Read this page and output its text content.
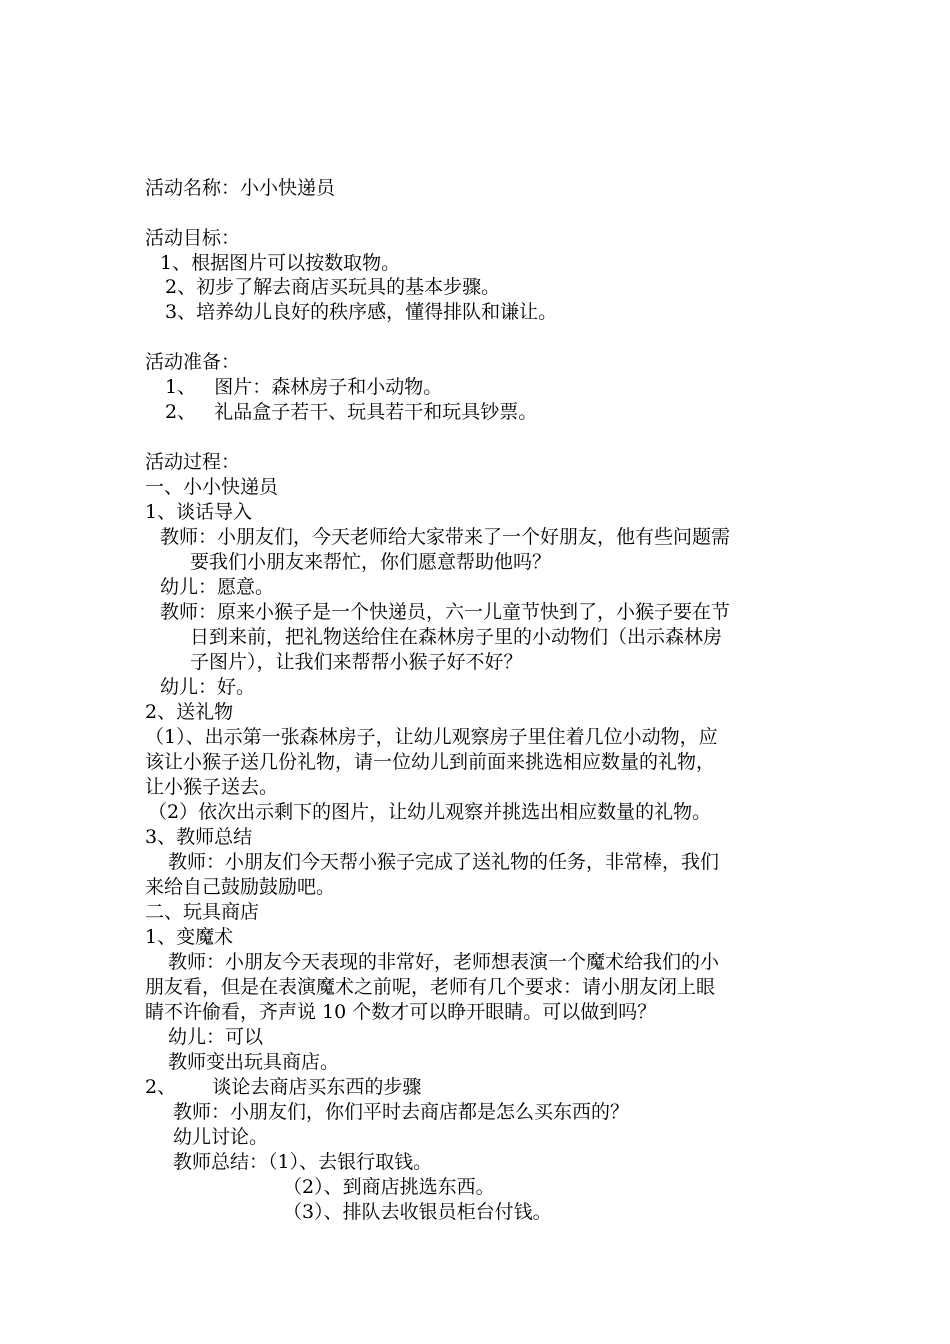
活动名称：小小快递员
活动目标：
1、根据图片可以按数取物。
2、初步了解去商店买玩具的基本步骤。
3、培养幼儿良好的秩序感，懂得排队和谦让。
活动准备：
1、   图片：森林房子和小动物。
2、   礼品盒子若干、玩具若干和玩具钞票。
活动过程：
一、小小快递员
1、谈话导入
教师：小朋友们，今天老师给大家带来了一个好朋友，他有些问题需
要我们小朋友来帮忙，你们愿意帮助他吗？
幼儿：愿意。
教师：原来小猴子是一个快递员，六一儿童节快到了，小猴子要在节
日到来前，把礼物送给住在森林房子里的小动物们（出示森林房
子图片），让我们来帮帮小猴子好不好？
幼儿：好。
2、送礼物
（1）、出示第一张森林房子，让幼儿观察房子里住着几位小动物，应
该让小猴子送几份礼物，请一位幼儿到前面来挑选相应数量的礼物，
让小猴子送去。
（2）依次出示剩下的图片，让幼儿观察并挑选出相应数量的礼物。
3、教师总结
教师：小朋友们今天帮小猴子完成了送礼物的任务，非常棒，我们
来给自己鼓励鼓励吧。
二、玩具商店
1、变魔术
教师：小朋友今天表现的非常好，老师想表演一个魔术给我们的小
朋友看，但是在表演魔术之前呢，老师有几个要求：请小朋友闭上眼
睛不许偷看，齐声说 10 个数才可以睁开眼睛。可以做到吗？
幼儿：可以
教师变出玩具商店。
2、      谈论去商店买东西的步骤
教师：小朋友们，你们平时去商店都是怎么买东西的？
幼儿讨论。
教师总结：（1）、去银行取钱。
（2）、到商店挑选东西。
（3）、排队去收银员柜台付钱。
